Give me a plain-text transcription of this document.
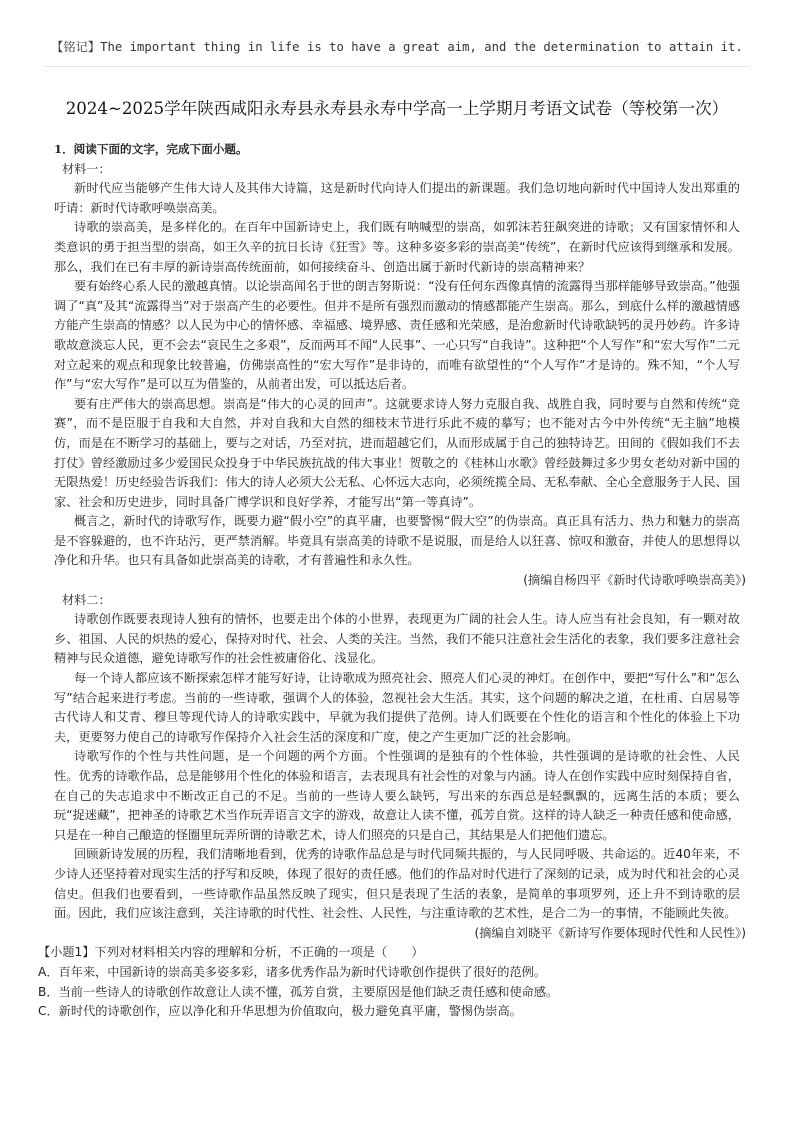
【铭记】The important thing in life is to have a great aim, and the determination to attain it.
2024~2025学年陕西咸阳永寿县永寿县永寿中学高一上学期月考语文试卷（等校第一次）

1．阅读下面的文字，完成下面小题。

材料一：

新时代应当能够产生伟大诗人及其伟大诗篇，这是新时代向诗人们提出的新课题。我们急切地向新时代中国诗人发出郑重的吁请：新时代诗歌呼唤崇高美。

诗歌的崇高美，是多样化的。在百年中国新诗史上，我们既有呐喊型的崇高，如郭沫若狂飙突进的诗歌；又有国家情怀和人类意识的勇于担当型的崇高，如王久辛的抗日长诗《狂雪》等。这种多姿多彩的崇高美“传统”，在新时代应该得到继承和发展。那么，我们在已有丰厚的新诗崇高传统面前，如何接续奋斗、创造出属于新时代新诗的崇高精神来？

要有始终心系人民的激越真情。以论崇高闻名于世的朗吉努斯说：“没有任何东西像真情的流露得当那样能够导致崇高。”他强调了“真”及其“流露得当”对于崇高产生的必要性。但并不是所有强烈而激动的情感都能产生崇高。那么，到底什么样的激越情感方能产生崇高的情感？以人民为中心的情怀感、幸福感、境界感、责任感和光荣感，是治愈新时代诗歌缺钙的灵丹妙药。许多诗歌故意淡忘人民，更不会去“哀民生之多艰”，反而两耳不闻“人民事”、一心只写“自我诗”。这种把“个人写作”和“宏大写作”二元对立起来的观点和现象比较普遍，仿佛崇高性的“宏大写作”是非诗的，而唯有欲望性的“个人写作”才是诗的。殊不知，“个人写作”与“宏大写作”是可以互为借鉴的，从前者出发，可以抵达后者。

要有庄严伟大的崇高思想。崇高是“伟大的心灵的回声”。这就要求诗人努力克服自我、战胜自我，同时要与自然和传统“竞赛”，而不是臣服于自我和大自然，并对自我和大自然的细枝末节进行乐此不疲的摹写；也不能对古今中外传统“无主脑”地模仿，而是在不断学习的基础上，要与之对话，乃至对抗，进而超越它们，从而形成属于自己的独特诗艺。田间的《假如我们不去打仗》曾经激励过多少爱国民众投身于中华民族抗战的伟大事业！贺敬之的《桂林山水歌》曾经鼓舞过多少男女老幼对新中国的无限热爱！历史经验告诉我们：伟大的诗人必须大公无私、心怀远大志向，必须统揽全局、无私奉献、全心全意服务于人民、国家、社会和历史进步，同时具备广博学识和良好学养，才能写出“第一等真诗”。

概言之，新时代的诗歌写作，既要力避“假小空”的真平庸，也要警惕“假大空”的伪崇高。真正具有活力、热力和魅力的崇高是不容躲避的，也不许玷污，更严禁消解。毕竟具有崇高美的诗歌不是说服，而是给人以狂喜、惊叹和激奋，并使人的思想得以净化和升华。也只有具备如此崇高美的诗歌，才有普遍性和永久性。

(摘编自杨四平《新时代诗歌呼唤崇高美》)

材料二：

诗歌创作既要表现诗人独有的情怀，也要走出个体的小世界，表现更为广阔的社会人生。诗人应当有社会良知，有一颗对故乡、祖国、人民的炽热的爱心，保持对时代、社会、人类的关注。当然，我们不能只注意社会生活化的表象，我们要多注意社会精神与民众道德，避免诗歌写作的社会性被庸俗化、浅显化。

每一个诗人都应该不断探索怎样才能写好诗，让诗歌成为照亮社会、照亮人们心灵的神灯。在创作中，要把“写什么”和“怎么写”结合起来进行考虑。当前的一些诗歌，强调个人的体验，忽视社会大生活。其实，这个问题的解决之道，在杜甫、白居易等古代诗人和艾青、穆旦等现代诗人的诗歌实践中，早就为我们提供了范例。诗人们既要在个性化的语言和个性化的体验上下功夫，更要努力使自己的诗歌写作保持介入社会生活的深度和广度，使之产生更加广泛的社会影响。

诗歌写作的个性与共性问题，是一个问题的两个方面。个性强调的是独有的个性体验，共性强调的是诗歌的社会性、人民性。优秀的诗歌作品，总是能够用个性化的体验和语言，去表现具有社会性的对象与内涵。诗人在创作实践中应时刻保持自省，在自己的失志追求中不断改正自己的不足。当前的一些诗人要么缺钙，写出来的东西总是轻飘飘的，远离生活的本质；要么玩“捉迷藏”，把神圣的诗歌艺术当作玩弄语言文字的游戏，故意让人读不懂，孤芳自赏。这样的诗人缺乏一种责任感和使命感，只是在一种自己酿造的怪圈里玩弄所谓的诗歌艺术，诗人们照亮的只是自己，其结果是人们把他们遗忘。

回顾新诗发展的历程，我们清晰地看到，优秀的诗歌作品总是与时代同频共振的，与人民同呼吸、共命运的。近40年来，不少诗人还坚持着对现实生活的抒写和反映，体现了很好的责任感。他们的作品对时代进行了深刻的记录，成为时代和社会的心灵信史。但我们也要看到，一些诗歌作品虽然反映了现实，但只是表现了生活的表象，是简单的事项罗列，还上升不到诗歌的层面。因此，我们应该注意到，关注诗歌的时代性、社会性、人民性，与注重诗歌的艺术性，是合二为一的事情，不能顾此失彼。

(摘编自刘晓平《新诗写作要体现时代性和人民性》)

【小题1】下列对材料相关内容的理解和分析，不正确的一项是（　　）

A．百年来，中国新诗的崇高美多姿多彩，诸多优秀作品为新时代诗歌创作提供了很好的范例。

B．当前一些诗人的诗歌创作故意让人读不懂，孤芳自赏，主要原因是他们缺乏责任感和使命感。

C．新时代的诗歌创作，应以净化和升华思想为价值取向，极力避免真平庸，警惕伪崇高。
